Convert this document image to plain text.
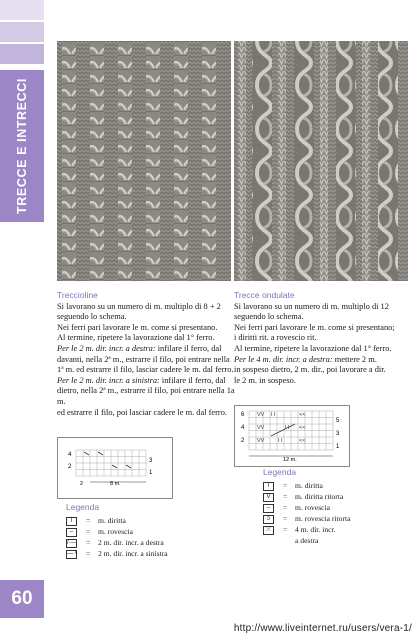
TRECCE E INTRECCI
60
Treccioline

Si lavorano su un numero di m. multiplo di 8 + 2

seguendo lo schema.

Nei ferri pari lavorare le m. come si presentano.

Al termine, ripetere la lavorazione dal 1° ferro.

Per le 2 m. dir. incr. a destra: infilare il ferro, dal

davanti, nella 2ª m., estrarre il filo, poi entrare nella

1ª m. ed estrarre il filo, lasciar cadere le m. dal ferro.

Per le 2 m. dir. incr. a sinistra: infilare il ferro, dal

dietro, nella 2ª m., estrarre il filo, poi entrare nella 1a m.

ed estrarre il filo, poi lasciar cadere le m. dal ferro.

Trecce ondulate

Si lavorano su un numero di m. multiplo di 12

seguendo lo schema.

Nei ferri pari lavorare le m. come si presentano;

i diritti rit. a rovescio rit.

Al termine, ripetere la lavorazione dal 1° ferro.

Per le 4 m. dir. incr. a destra: mettere 2 m.

in sospeso dietro, 2 m. dir., poi lavorare a dir.

le 2 m. in sospeso.

4
2
3
1
8 m.
2
VV I I	<<
VV	I I <<
VV I I	<<
6
4
2
5
3
1
12 m.
Legenda
I	= m. diritta
–	= m. rovescia
/·— = 2 m. dir. incr. a destra
—·\ = 2 m. dir. incr. a sinistra
Legenda
I	= m. diritta
V	= m. diritta ritorta
–	= m. rovescia
ↄ	= m. rovescia ritorta
⤫	= 4 m. dir. incr.
a destra
http://www.liveinternet.ru/users/vera-1/
